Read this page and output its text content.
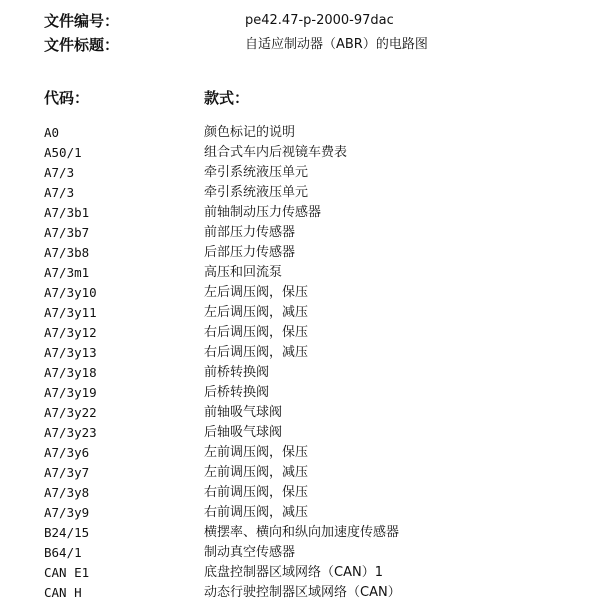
文件编号：	pe42.47-p-2000-97dac
文件标题：	自适应制动器（ABR）的电路图
代码：	款式：
A0	颜色标记的说明
A50/1	组合式车内后视镜车费表
A7/3	牵引系统液压单元
A7/3	牵引系统液压单元
A7/3b1	前轴制动压力传感器
A7/3b7	前部压力传感器
A7/3b8	后部压力传感器
A7/3m1	高压和回流泵
A7/3y10	左后调压阀，保压
A7/3y11	左后调压阀，减压
A7/3y12	右后调压阀，保压
A7/3y13	右后调压阀，减压
A7/3y18	前桥转换阀
A7/3y19	后桥转换阀
A7/3y22	前轴吸气球阀
A7/3y23	后轴吸气球阀
A7/3y6	左前调压阀，保压
A7/3y7	左前调压阀，减压
A7/3y8	右前调压阀，保压
A7/3y9	右前调压阀，减压
B24/15	横摆率、横向和纵向加速度传感器
B64/1	制动真空传感器
CAN E1	底盘控制器区域网络（CAN）1
CAN H	动态行驶控制器区域网络（CAN）
